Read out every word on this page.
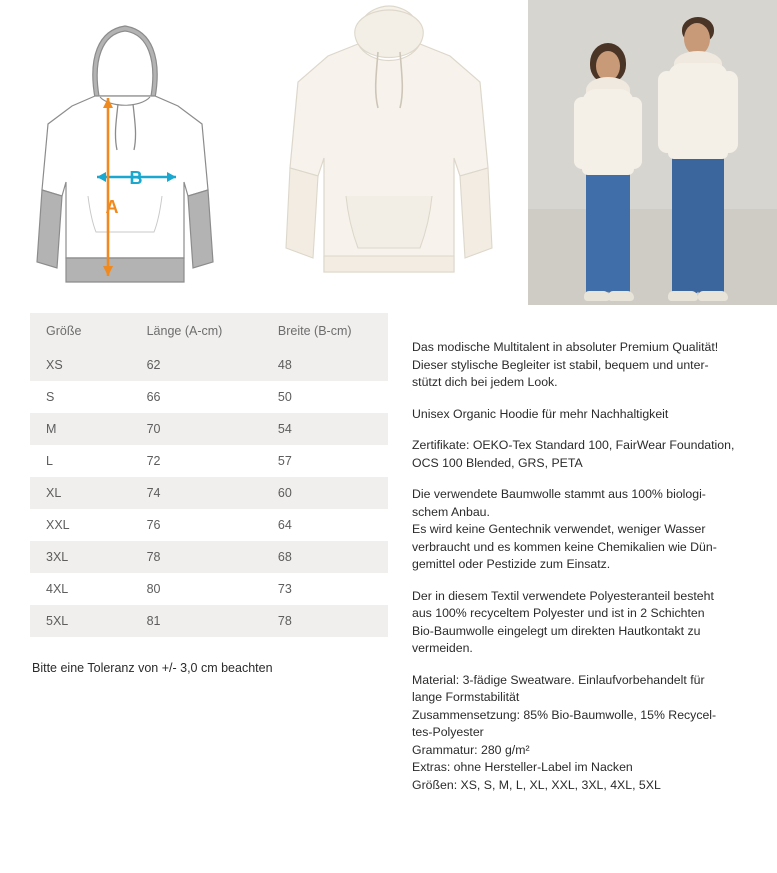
B
A
Größe	Länge (A-cm)	Breite (B-cm)
XS	62	48
S	66	50
M	70	54
L	72	57
XL	74	60
XXL	76	64
3XL	78	68
4XL	80	73
5XL	81	78
Bitte eine Toleranz von +/- 3,0 cm beachten
Das modische Multitalent in absoluter Premium Qualität!
Dieser stylische Begleiter ist stabil, bequem und unter-
stützt dich bei jedem Look.
Unisex Organic Hoodie für mehr Nachhaltigkeit
Zertifikate: OEKO-Tex Standard 100, FairWear Foundation,
OCS 100 Blended, GRS, PETA
Die verwendete Baumwolle stammt aus 100% biologi-
schem Anbau.
Es wird keine Gentechnik verwendet, weniger Wasser
verbraucht und es kommen keine Chemikalien wie Dün-
gemittel oder Pestizide zum Einsatz.
Der in diesem Textil verwendete Polyesteranteil besteht
aus 100% recyceltem Polyester und ist in 2 Schichten
Bio-Baumwolle eingelegt um direkten Hautkontakt zu
vermeiden.
Material: 3-fädige Sweatware. Einlaufvorbehandelt für
lange Formstabilität
Zusammensetzung: 85% Bio-Baumwolle, 15% Recycel-
tes-Polyester
Grammatur: 280 g/m²
Extras: ohne Hersteller-Label im Nacken
Größen: XS, S, M, L, XL, XXL, 3XL, 4XL, 5XL
